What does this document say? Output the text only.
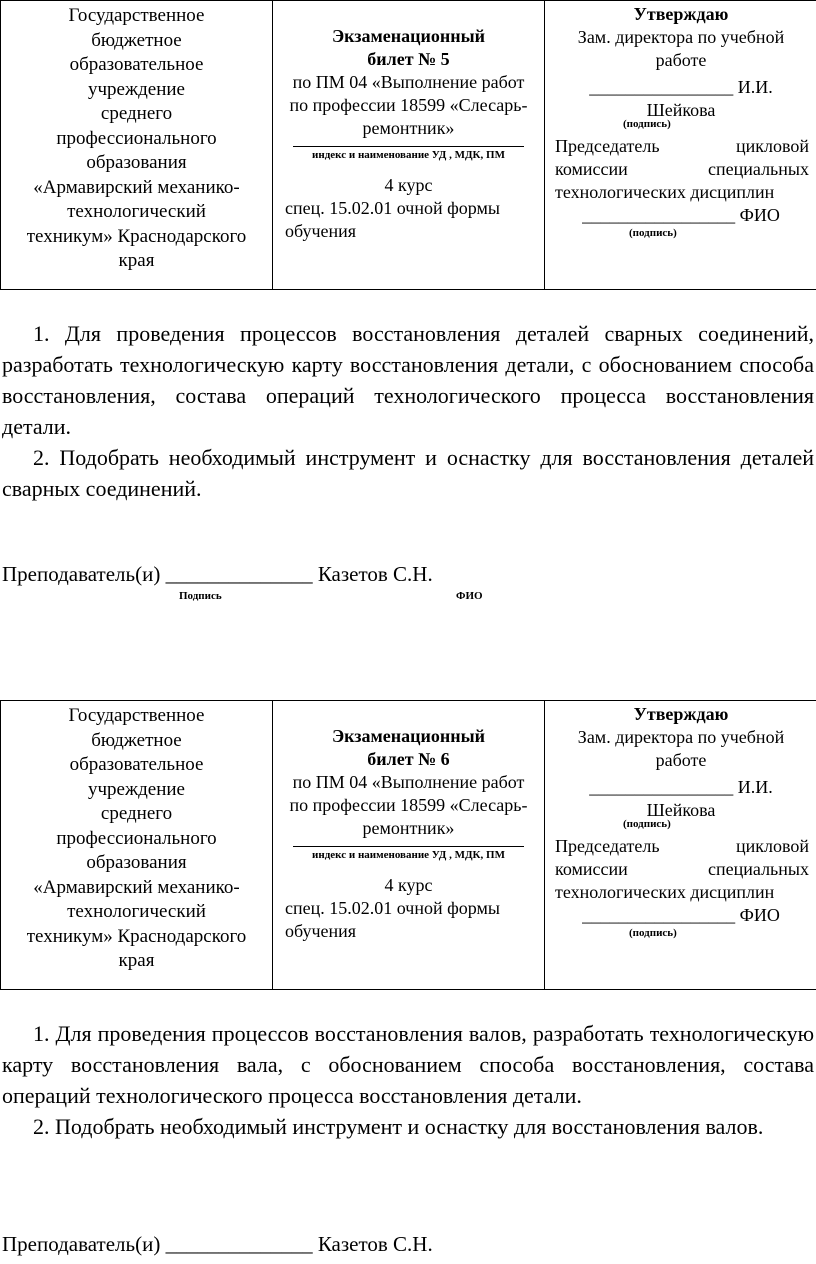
Государственное
бюджетное
образовательное
учреждение
среднего
профессионального
образования
«Армавирский механико-
технологический
техникум» Краснодарского
края

Экзаменационный
билет № 5
по ПМ 04 «Выполнение работ
по профессии 18599 «Слесарь-
ремонтник»
индекс и наименование УД , МДК, ПМ
4 курс
спец. 15.02.01 очной формы
обучения

Утверждаю
Зам. директора по учебной
работе
________________ И.И.
Шейкова
(подпись)
Председатель	цикловой
комиссии	специальных
технологических дисциплин
_________________ ФИО
(подпись)

1. Для проведения процессов восстановления деталей сварных соединений, разработать технологическую карту восстановления детали, с обоснованием способа восстановления, состава операций технологического процесса восстановления детали.

2. Подобрать необходимый инструмент и оснастку для восстановления деталей сварных соединений.

Преподаватель(и) ______________ Казетов С.Н.
Подпись	ФИО
Государственное
бюджетное
образовательное
учреждение
среднего
профессионального
образования
«Армавирский механико-
технологический
техникум» Краснодарского
края

Экзаменационный
билет № 6
по ПМ 04 «Выполнение работ
по профессии 18599 «Слесарь-
ремонтник»
индекс и наименование УД , МДК, ПМ
4 курс
спец. 15.02.01 очной формы
обучения

Утверждаю
Зам. директора по учебной
работе
________________ И.И.
Шейкова
(подпись)
Председатель	цикловой
комиссии	специальных
технологических дисциплин
_________________ ФИО
(подпись)

1. Для проведения процессов восстановления валов, разработать технологическую карту восстановления вала, с обоснованием способа восстановления, состава операций технологического процесса восстановления детали.

2. Подобрать необходимый инструмент и оснастку для восстановления валов.

Преподаватель(и) ______________ Казетов С.Н.
